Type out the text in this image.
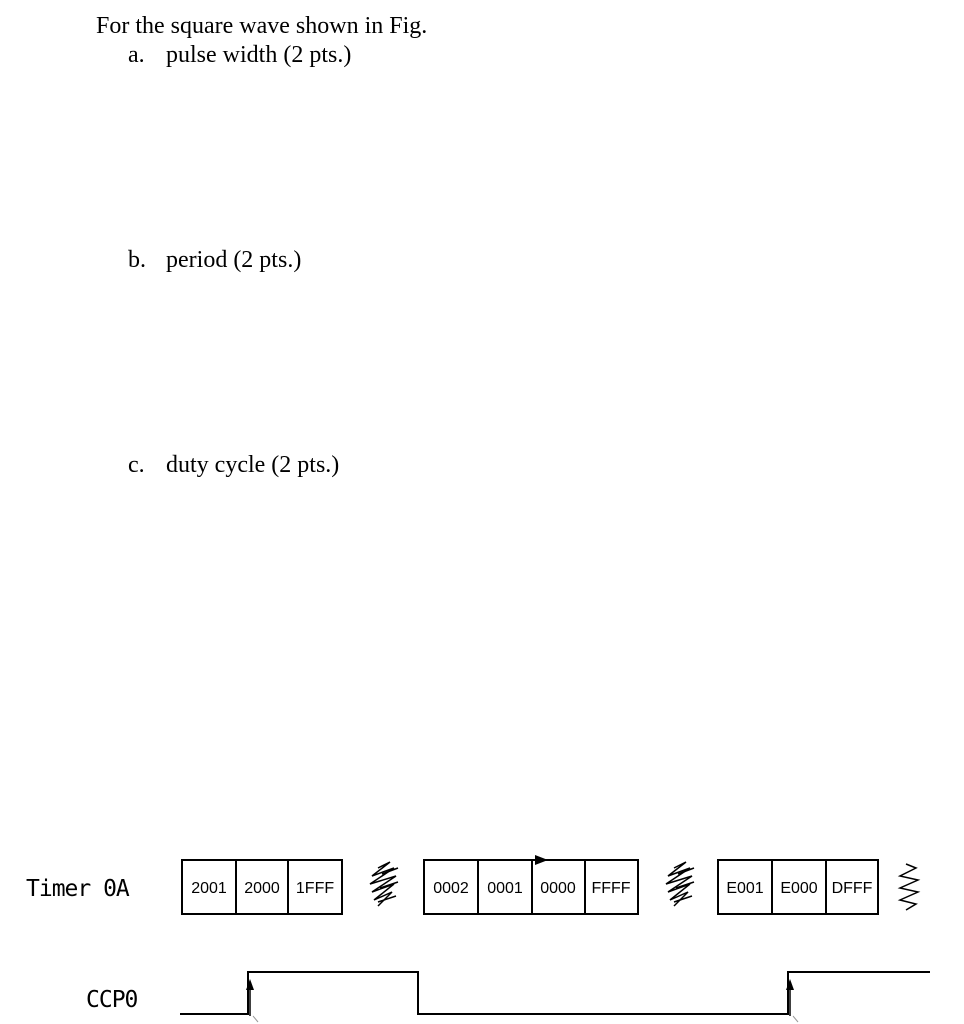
For the square wave shown in Fig.
a. pulse width (2 pts.)
b. period (2 pts.)
c. duty cycle (2 pts.)
Timer 0A
CCP0
2001 2000 1FFF	0002 0001 0000 FFFF	E001 E000 DFFF
